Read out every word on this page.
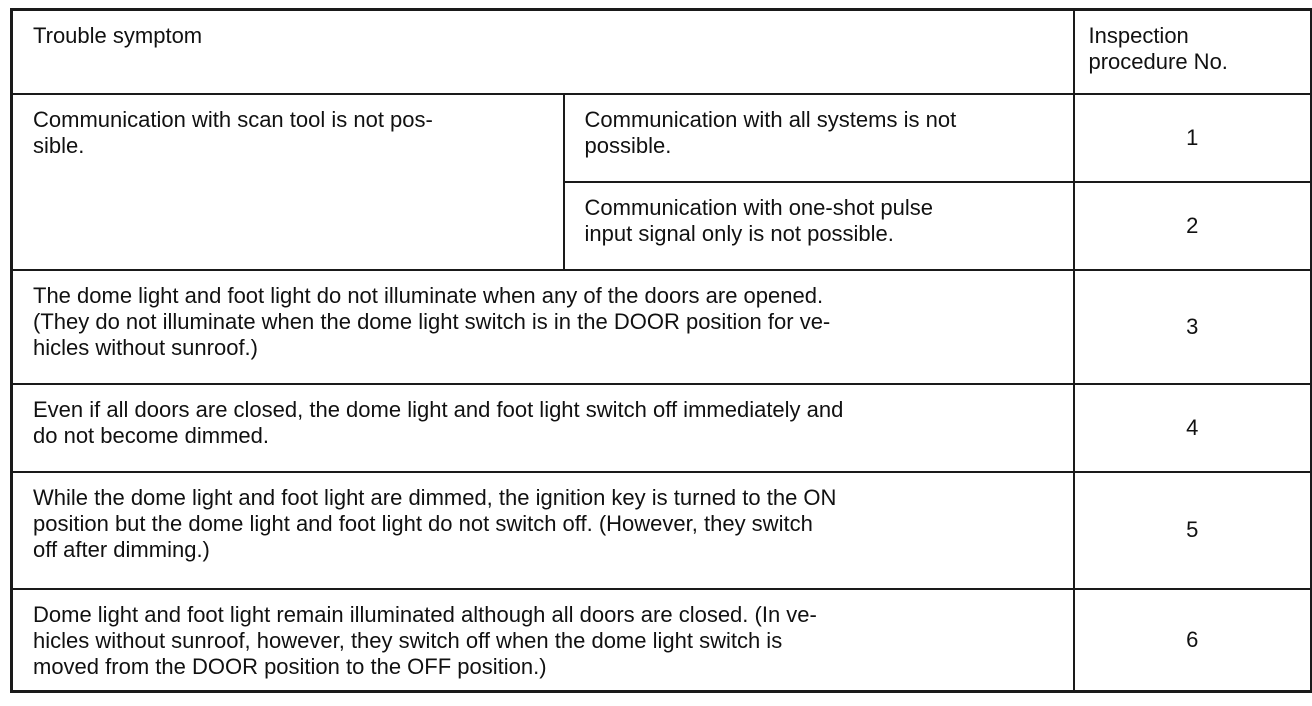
Trouble symptom		Inspection
procedure No.

Communication with scan tool is not pos-
sible.	Communication with all systems is not
possible.	1

	Communication with one-shot pulse
input signal only is not possible.	2

The dome light and foot light do not illuminate when any of the doors are opened.
(They do not illuminate when the dome light switch is in the DOOR position for ve-
hicles without sunroof.)		3

Even if all doors are closed, the dome light and foot light switch off immediately and
do not become dimmed.		4

While the dome light and foot light are dimmed, the ignition key is turned to the ON
position but the dome light and foot light do not switch off. (However, they switch
off after dimming.)		5

Dome light and foot light remain illuminated although all doors are closed. (In ve-
hicles without sunroof, however, they switch off when the dome light switch is
moved from the DOOR position to the OFF position.)		6
